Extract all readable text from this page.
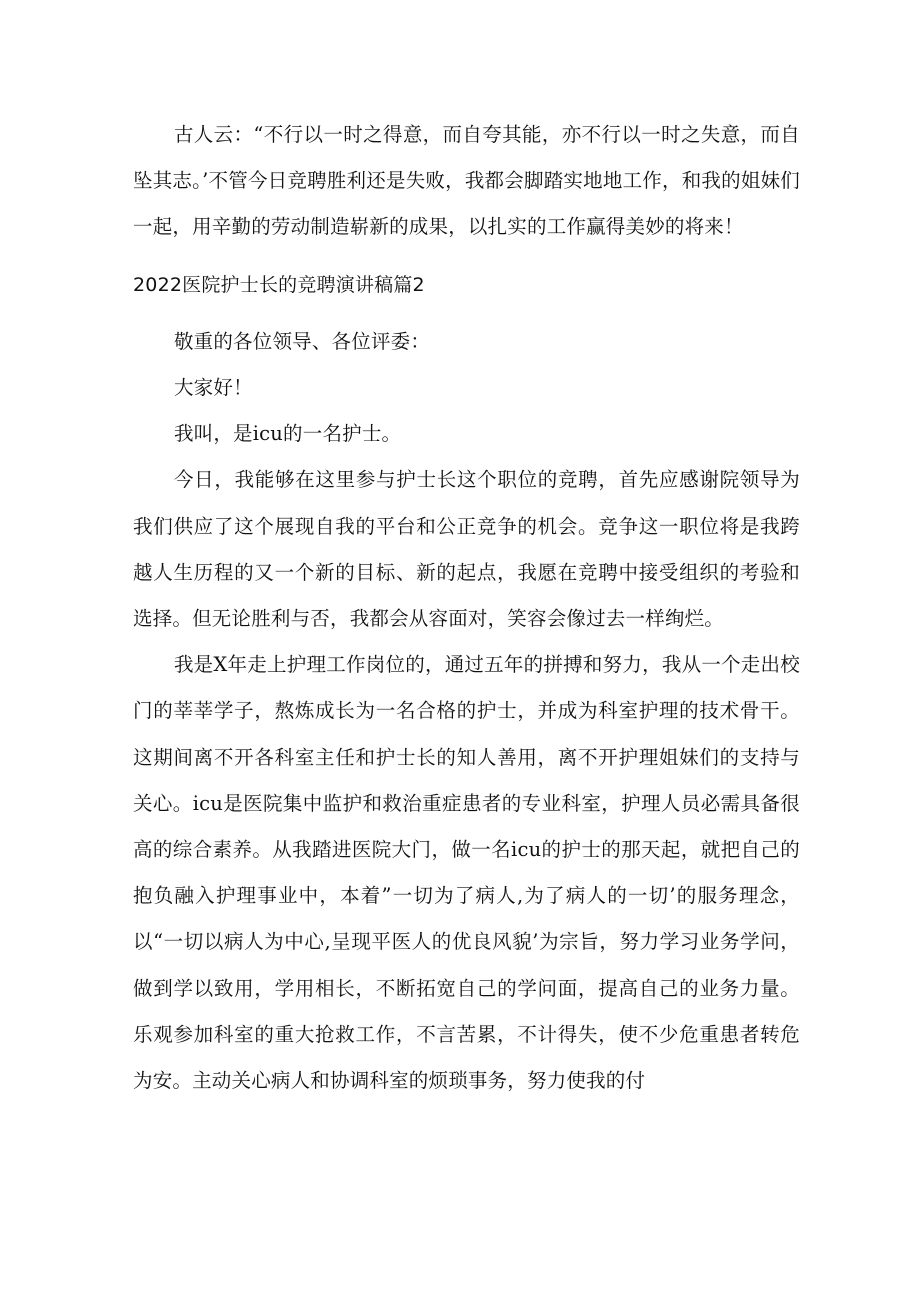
古人云：“不行以一时之得意，而自夸其能，亦不行以一时之失意，而自坠其志。’不管今日竞聘胜利还是失败，我都会脚踏实地地工作，和我的姐妹们一起，用辛勤的劳动制造崭新的成果，以扎实的工作赢得美妙的将来！

2022医院护士长的竞聘演讲稿篇2

敬重的各位领导、各位评委：

大家好！

我叫，是icu的一名护士。

今日，我能够在这里参与护士长这个职位的竞聘，首先应感谢院领导为我们供应了这个展现自我的平台和公正竞争的机会。竞争这一职位将是我跨越人生历程的又一个新的目标、新的起点，我愿在竞聘中接受组织的考验和选择。但无论胜利与否，我都会从容面对，笑容会像过去一样绚烂。

我是X年走上护理工作岗位的，通过五年的拼搏和努力，我从一个走出校门的莘莘学子，熬炼成长为一名合格的护士，并成为科室护理的技术骨干。这期间离不开各科室主任和护士长的知人善用，离不开护理姐妹们的支持与关心。icu是医院集中监护和救治重症患者的专业科室，护理人员必需具备很高的综合素养。从我踏进医院大门，做一名icu的护士的那天起，就把自己的抱负融入护理事业中，本着”一切为了病人,为了病人的一切’的服务理念，以“一切以病人为中心,呈现平医人的优良风貌’为宗旨，努力学习业务学问，做到学以致用，学用相长，不断拓宽自己的学问面，提高自己的业务力量。乐观参加科室的重大抢救工作，不言苦累，不计得失，使不少危重患者转危为安。主动关心病人和协调科室的烦琐事务，努力使我的付
